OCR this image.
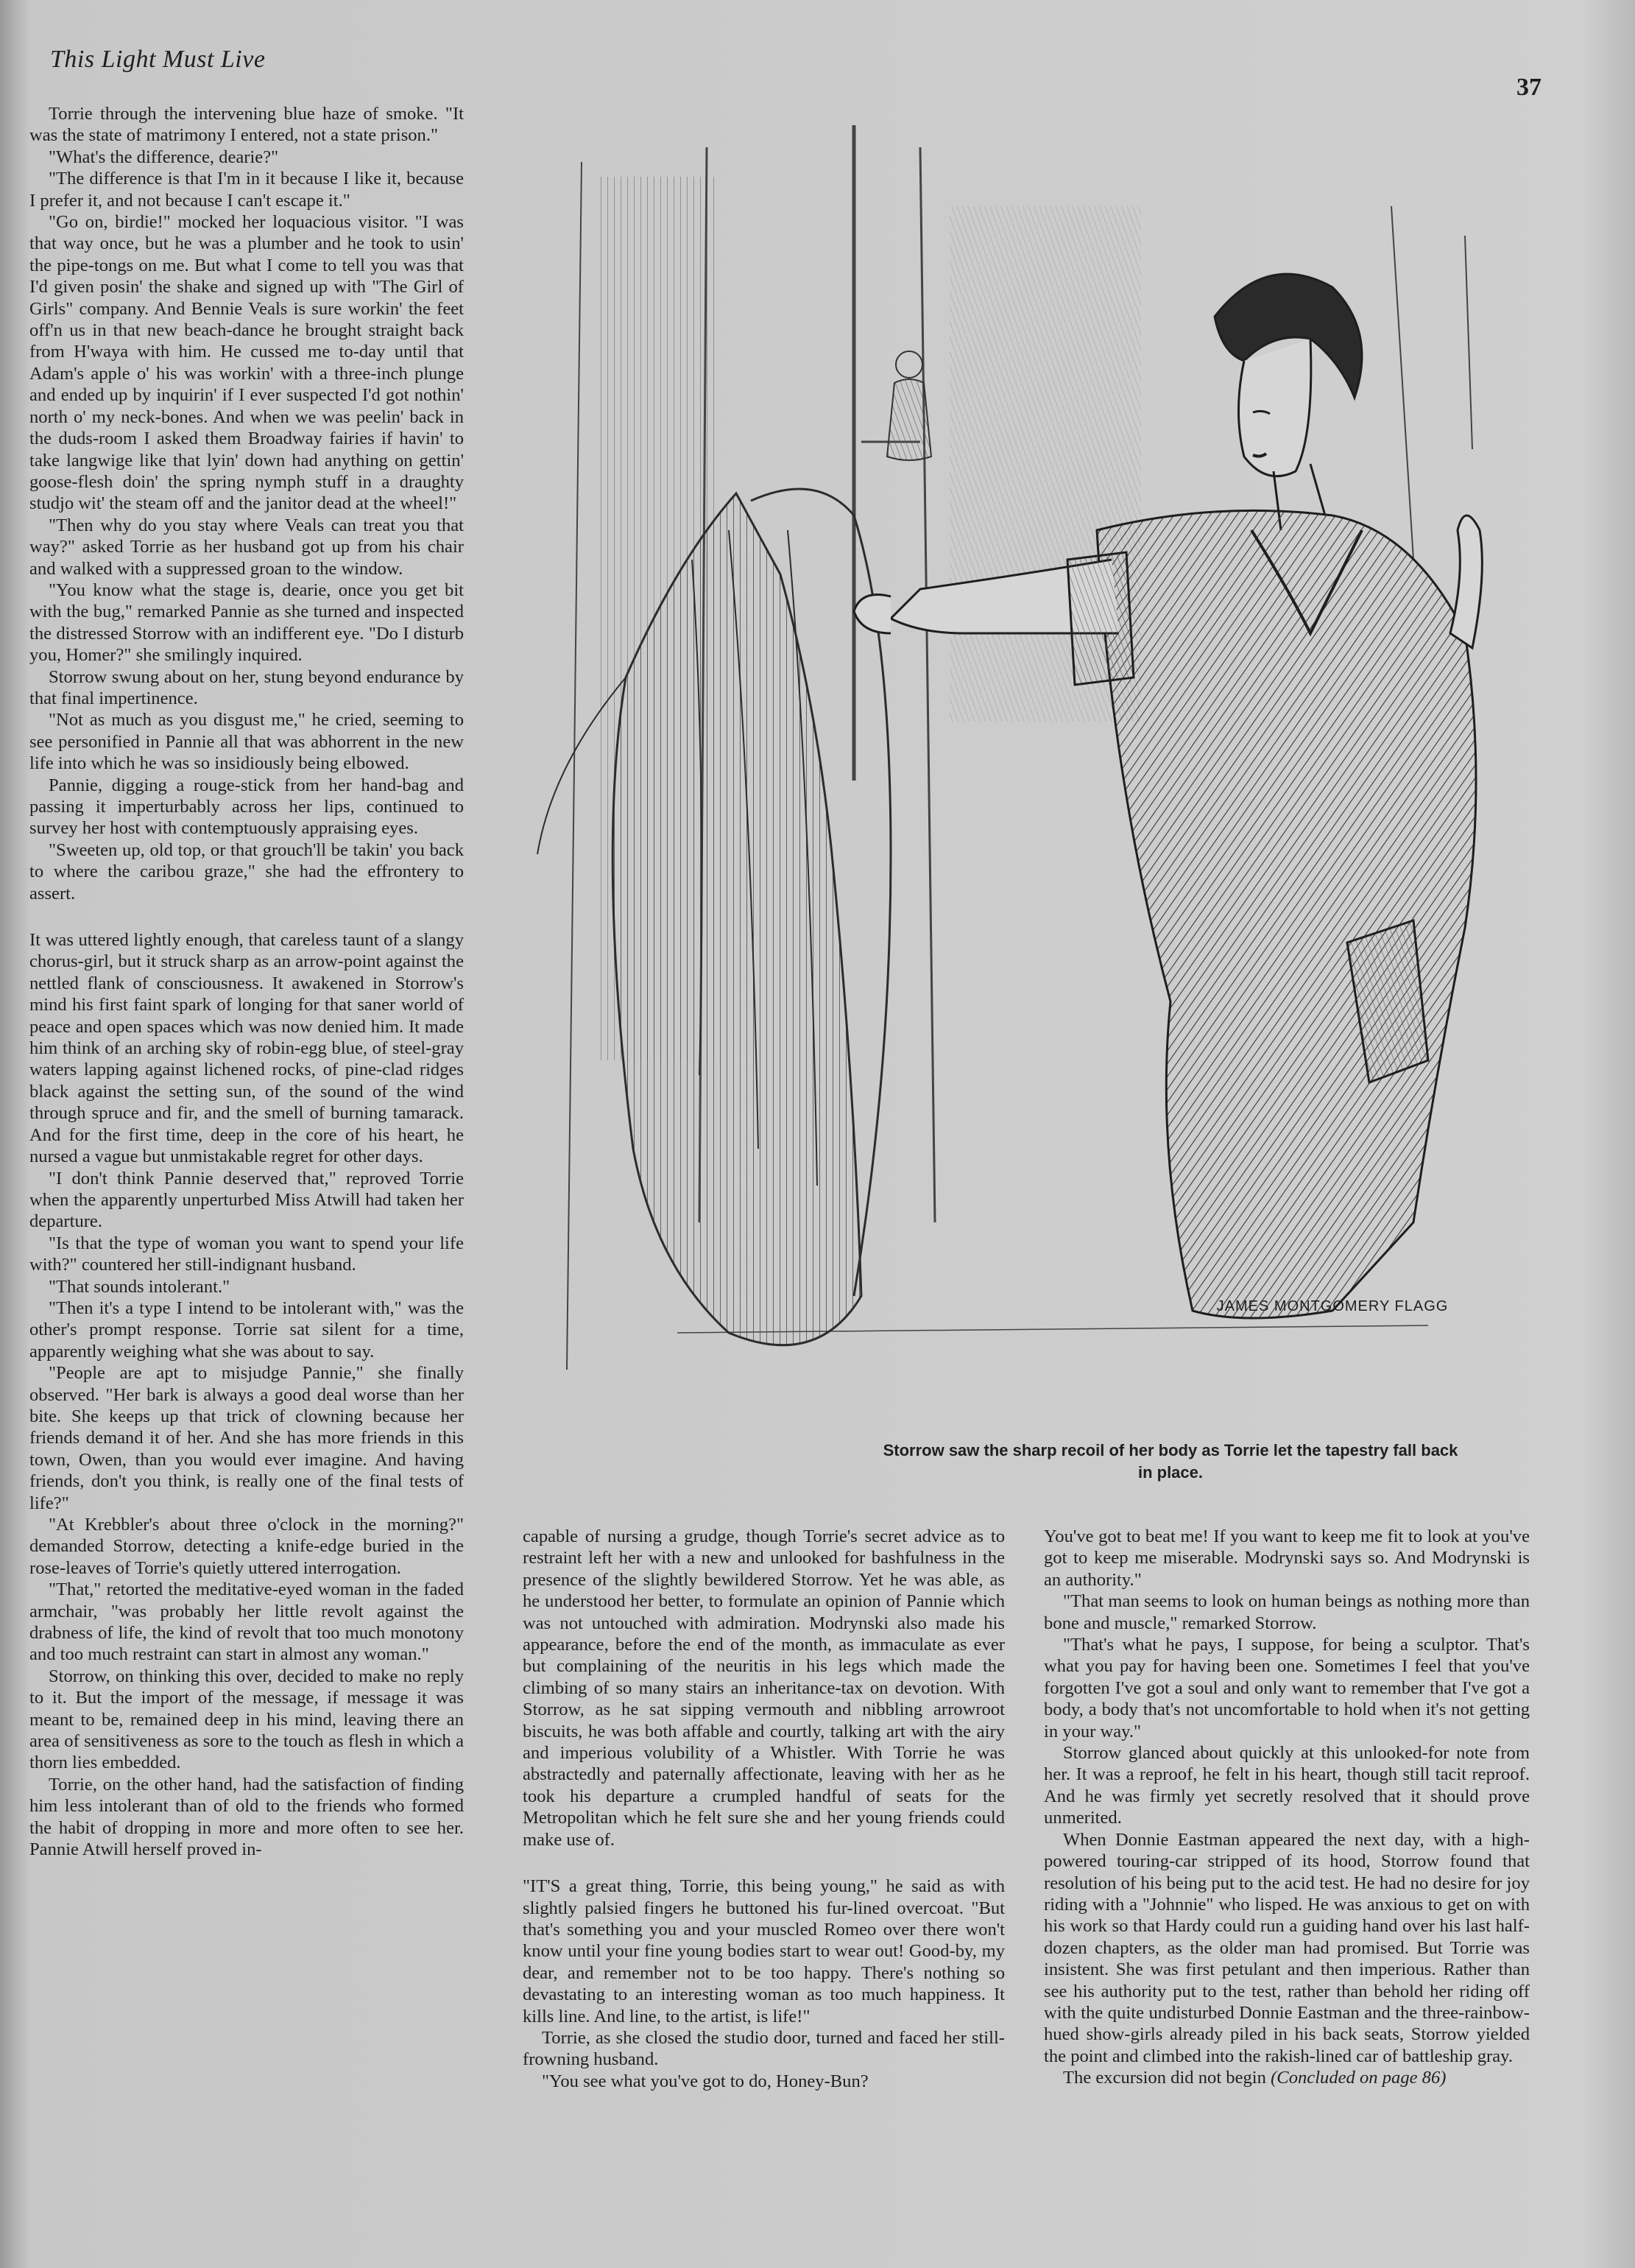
This Light Must Live
37

Torrie through the intervening blue haze of smoke. "It was the state of matrimony I entered, not a state prison."

"What's the difference, dearie?"

"The difference is that I'm in it because I like it, because I prefer it, and not because I can't escape it."

"Go on, birdie!" mocked her loquacious visitor. "I was that way once, but he was a plumber and he took to usin' the pipe-tongs on me. But what I come to tell you was that I'd given posin' the shake and signed up with "The Girl of Girls" company. And Bennie Veals is sure workin' the feet off'n us in that new beach-dance he brought straight back from H'waya with him. He cussed me to-day until that Adam's apple o' his was workin' with a three-inch plunge and ended up by inquirin' if I ever suspected I'd got nothin' north o' my neck-bones. And when we was peelin' back in the duds-room I asked them Broadway fairies if havin' to take langwige like that lyin' down had anything on gettin' goose-flesh doin' the spring nymph stuff in a draughty studjo wit' the steam off and the janitor dead at the wheel!"

"Then why do you stay where Veals can treat you that way?" asked Torrie as her husband got up from his chair and walked with a suppressed groan to the window.

"You know what the stage is, dearie, once you get bit with the bug," remarked Pannie as she turned and inspected the distressed Storrow with an indifferent eye. "Do I disturb you, Homer?" she smilingly inquired.

Storrow swung about on her, stung beyond endurance by that final impertinence.

"Not as much as you disgust me," he cried, seeming to see personified in Pannie all that was abhorrent in the new life into which he was so insidiously being elbowed.

Pannie, digging a rouge-stick from her hand-bag and passing it imperturbably across her lips, continued to survey her host with contemptuously appraising eyes.

"Sweeten up, old top, or that grouch'll be takin' you back to where the caribou graze," she had the effrontery to assert.

It was uttered lightly enough, that careless taunt of a slangy chorus-girl, but it struck sharp as an arrow-point against the nettled flank of consciousness. It awakened in Storrow's mind his first faint spark of longing for that saner world of peace and open spaces which was now denied him. It made him think of an arching sky of robin-egg blue, of steel-gray waters lapping against lichened rocks, of pine-clad ridges black against the setting sun, of the sound of the wind through spruce and fir, and the smell of burning tamarack. And for the first time, deep in the core of his heart, he nursed a vague but unmistakable regret for other days.

"I don't think Pannie deserved that," reproved Torrie when the apparently unperturbed Miss Atwill had taken her departure.

"Is that the type of woman you want to spend your life with?" countered her still-indignant husband.

"That sounds intolerant."

"Then it's a type I intend to be intolerant with," was the other's prompt response. Torrie sat silent for a time, apparently weighing what she was about to say.

"People are apt to misjudge Pannie," she finally observed. "Her bark is always a good deal worse than her bite. She keeps up that trick of clowning because her friends demand it of her. And she has more friends in this town, Owen, than you would ever imagine. And having friends, don't you think, is really one of the final tests of life?"

"At Krebbler's about three o'clock in the morning?" demanded Storrow, detecting a knife-edge buried in the rose-leaves of Torrie's quietly uttered interrogation.

"That," retorted the meditative-eyed woman in the faded armchair, "was probably her little revolt against the drabness of life, the kind of revolt that too much monotony and too much restraint can start in almost any woman."

Storrow, on thinking this over, decided to make no reply to it. But the import of the message, if message it was meant to be, remained deep in his mind, leaving there an area of sensitiveness as sore to the touch as flesh in which a thorn lies embedded.

Torrie, on the other hand, had the satisfaction of finding him less intolerant than of old to the friends who formed the habit of dropping in more and more often to see her. Pannie Atwill herself proved in-

JAMES MONTGOMERY FLAGG
Storrow saw the sharp recoil of her body as Torrie let the tapestry fall back in place.

capable of nursing a grudge, though Torrie's secret advice as to restraint left her with a new and unlooked for bashfulness in the presence of the slightly bewildered Storrow. Yet he was able, as he understood her better, to formulate an opinion of Pannie which was not untouched with admiration. Modrynski also made his appearance, before the end of the month, as immaculate as ever but complaining of the neuritis in his legs which made the climbing of so many stairs an inheritance-tax on devotion. With Storrow, as he sat sipping vermouth and nibbling arrowroot biscuits, he was both affable and courtly, talking art with the airy and imperious volubility of a Whistler. With Torrie he was abstractedly and paternally affectionate, leaving with her as he took his departure a crumpled handful of seats for the Metropolitan which he felt sure she and her young friends could make use of.

"IT'S a great thing, Torrie, this being young," he said as with slightly palsied fingers he buttoned his fur-lined overcoat. "But that's something you and your muscled Romeo over there won't know until your fine young bodies start to wear out! Good-by, my dear, and remember not to be too happy. There's nothing so devastating to an interesting woman as too much happiness. It kills line. And line, to the artist, is life!"

Torrie, as she closed the studio door, turned and faced her still-frowning husband.

"You see what you've got to do, Honey-Bun?

You've got to beat me! If you want to keep me fit to look at you've got to keep me miserable. Modrynski says so. And Modrynski is an authority."

"That man seems to look on human beings as nothing more than bone and muscle," remarked Storrow.

"That's what he pays, I suppose, for being a sculptor. That's what you pay for having been one. Sometimes I feel that you've forgotten I've got a soul and only want to remember that I've got a body, a body that's not uncomfortable to hold when it's not getting in your way."

Storrow glanced about quickly at this unlooked-for note from her. It was a reproof, he felt in his heart, though still tacit reproof. And he was firmly yet secretly resolved that it should prove unmerited.

When Donnie Eastman appeared the next day, with a high-powered touring-car stripped of its hood, Storrow found that resolution of his being put to the acid test. He had no desire for joy riding with a "Johnnie" who lisped. He was anxious to get on with his work so that Hardy could run a guiding hand over his last half-dozen chapters, as the older man had promised. But Torrie was insistent. She was first petulant and then imperious. Rather than see his authority put to the test, rather than behold her riding off with the quite undisturbed Donnie Eastman and the three-rainbow-hued show-girls already piled in his back seats, Storrow yielded the point and climbed into the rakish-lined car of battleship gray.

The excursion did not begin (Concluded on page 86)
